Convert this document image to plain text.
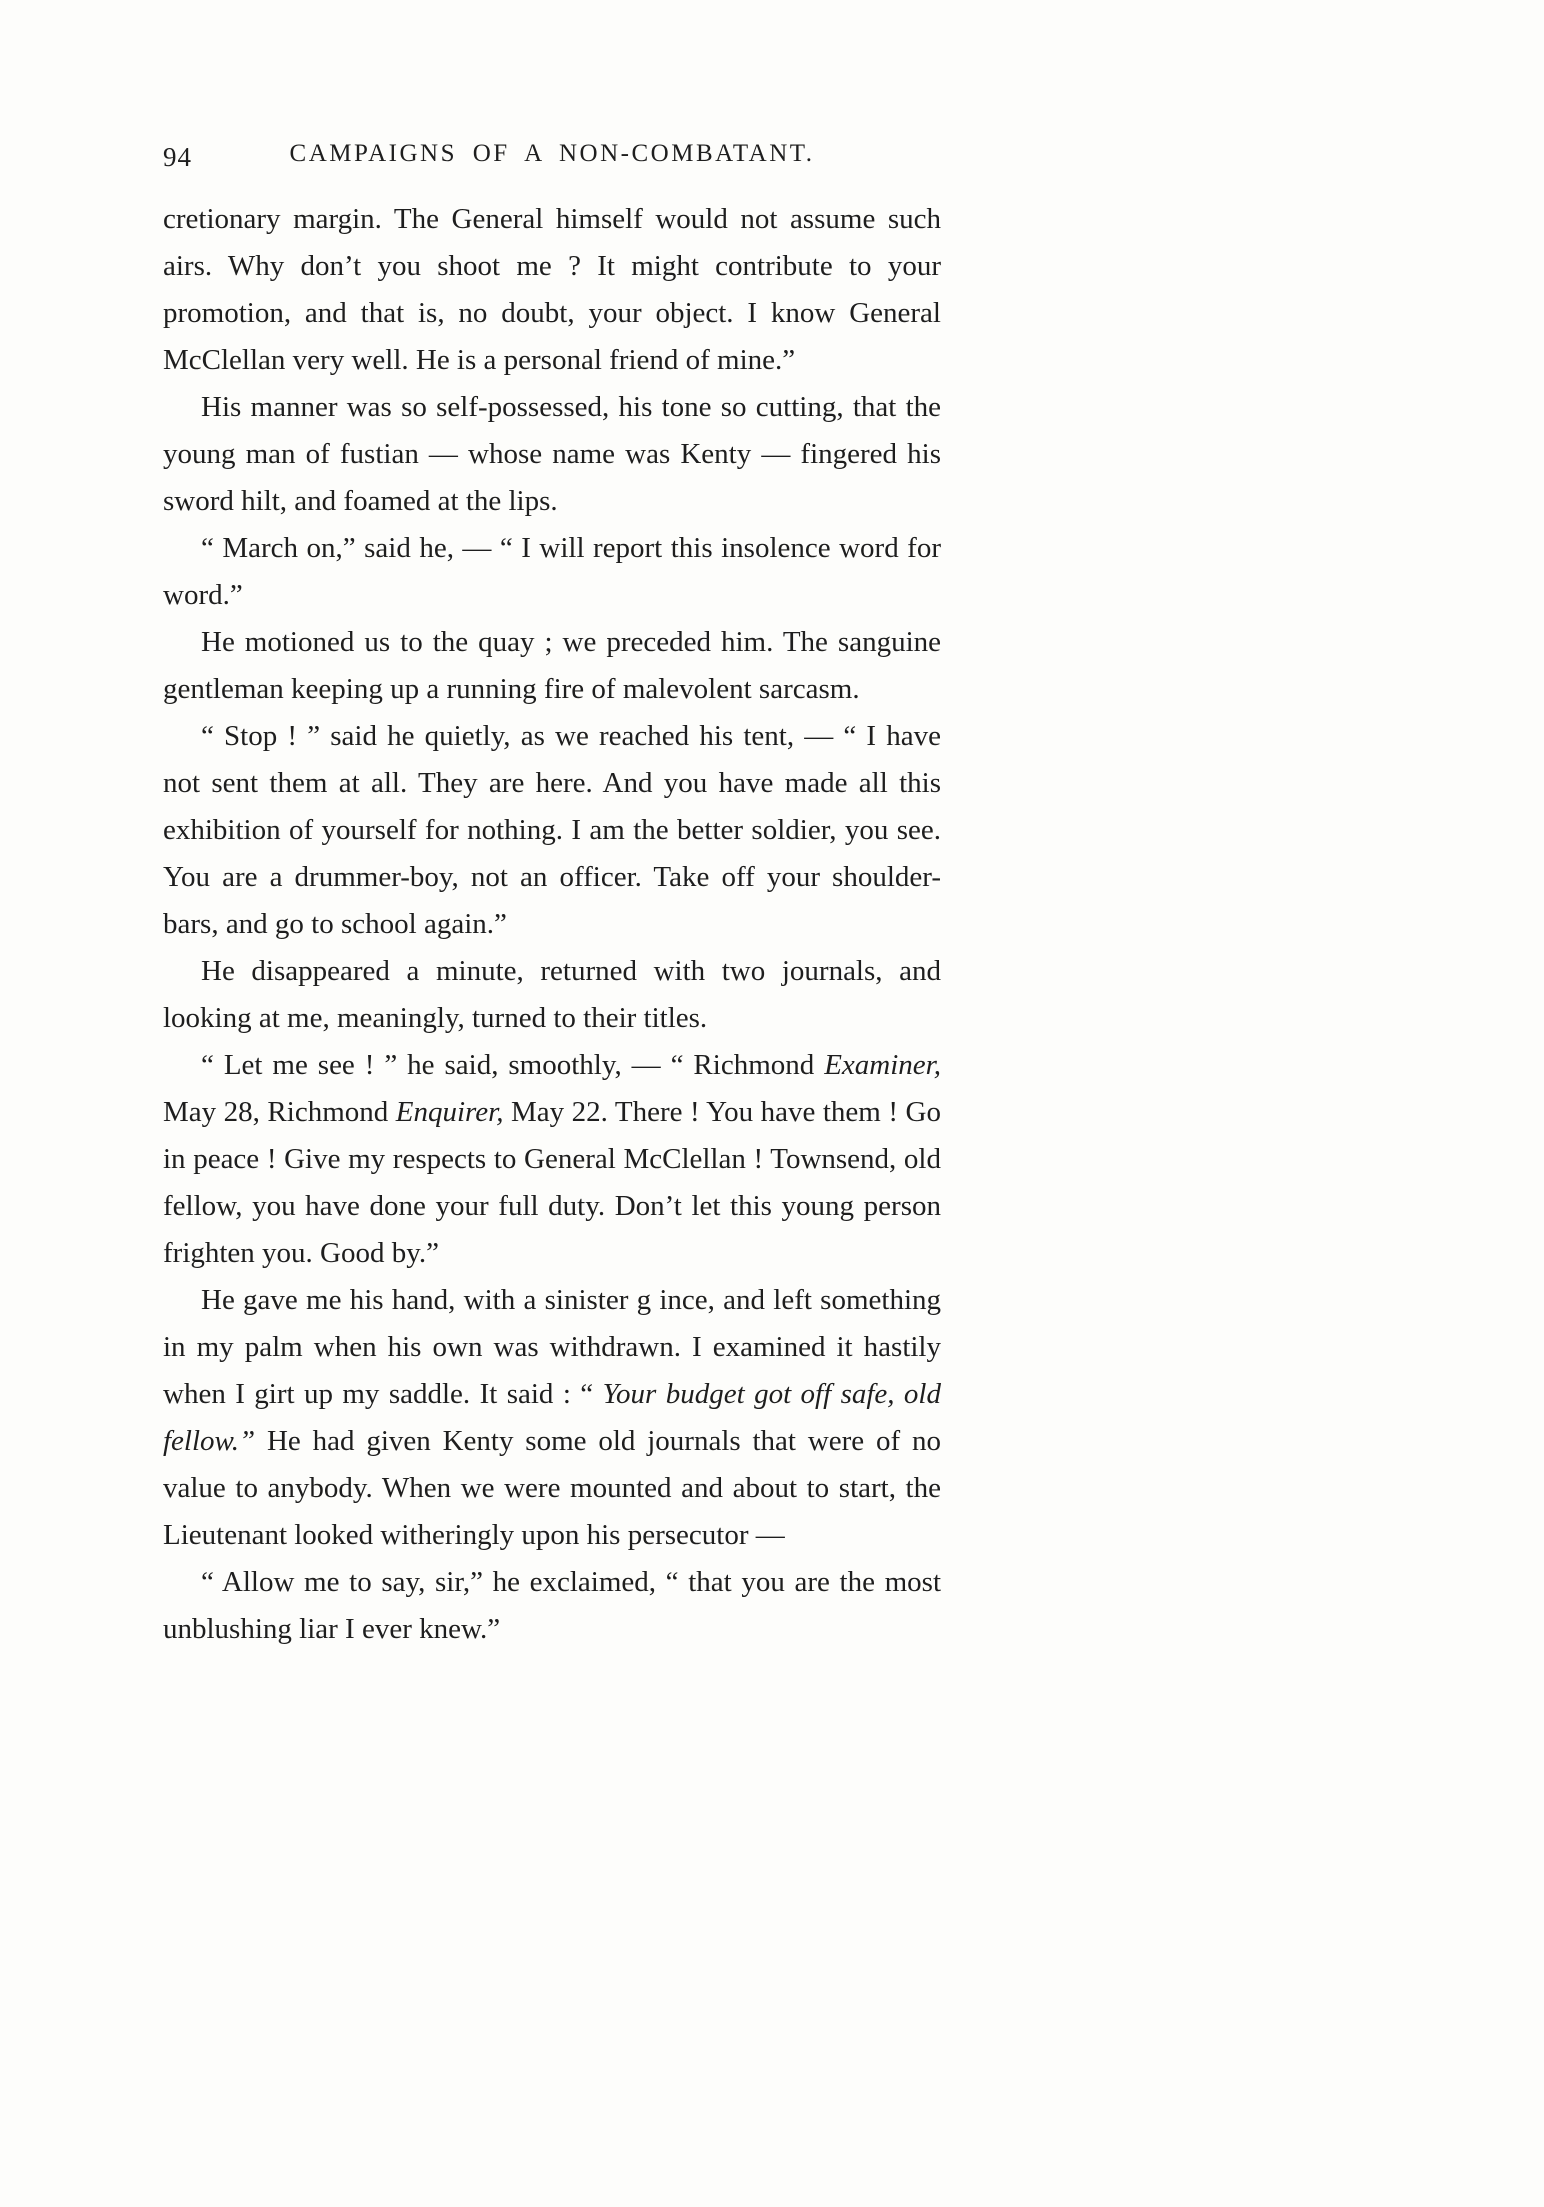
94	CAMPAIGNS OF A NON-COMBATANT.

cretionary margin. The General himself would not assume such airs. Why don’t you shoot me ? It might contribute to your promotion, and that is, no doubt, your object. I know General McClellan very well. He is a personal friend of mine.”

His manner was so self-possessed, his tone so cutting, that the young man of fustian — whose name was Kenty — fingered his sword hilt, and foamed at the lips.

“ March on,” said he, — “ I will report this insolence word for word.”

He motioned us to the quay ; we preceded him. The sanguine gentleman keeping up a running fire of malevolent sarcasm.

“ Stop ! ” said he quietly, as we reached his tent, — “ I have not sent them at all. They are here. And you have made all this exhibition of yourself for nothing. I am the better soldier, you see. You are a drummer-boy, not an officer. Take off your shoulder-bars, and go to school again.”

He disappeared a minute, returned with two journals, and looking at me, meaningly, turned to their titles.

“ Let me see ! ” he said, smoothly, — “ Richmond Examiner, May 28, Richmond Enquirer, May 22. There ! You have them ! Go in peace ! Give my respects to General McClellan ! Townsend, old fellow, you have done your full duty. Don’t let this young person frighten you. Good by.”

He gave me his hand, with a sinister g ince, and left something in my palm when his own was withdrawn. I examined it hastily when I girt up my saddle. It said : “ Your budget got off safe, old fellow.” He had given Kenty some old journals that were of no value to anybody. When we were mounted and about to start, the Lieutenant looked witheringly upon his persecutor —

“ Allow me to say, sir,” he exclaimed, “ that you are the most unblushing liar I ever knew.”
